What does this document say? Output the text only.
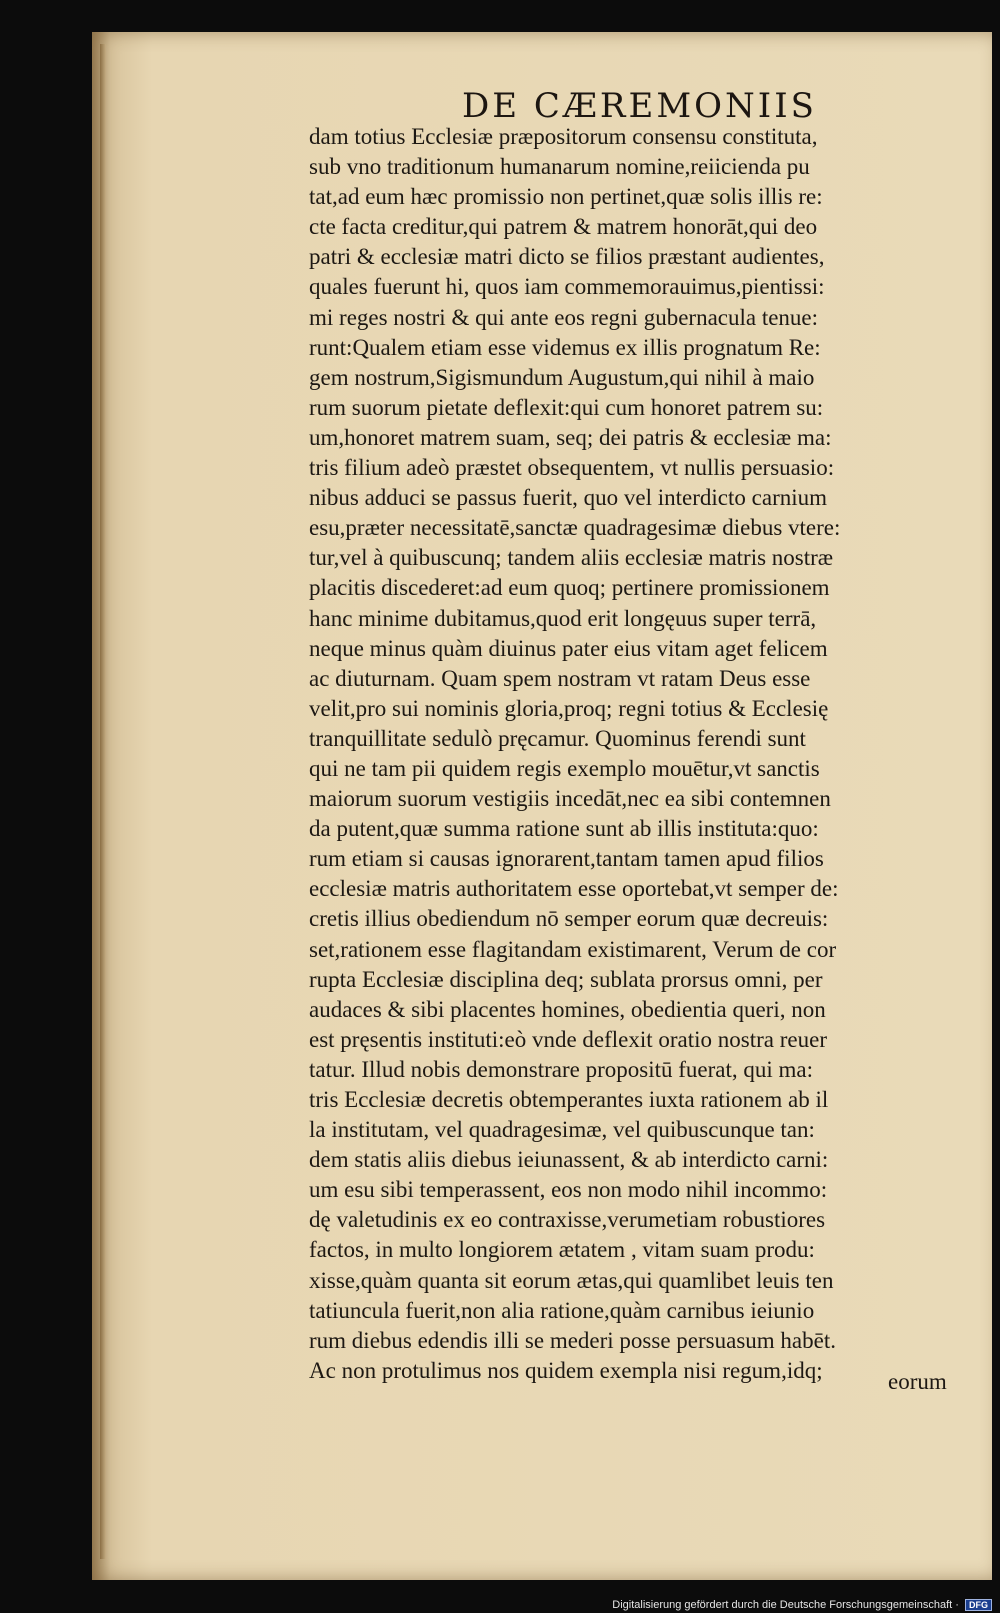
DE CÆREMONIIS
dam totius Ecclesiæ præpositorum consensu constituta,
sub vno traditionum humanarum nomine,reiicienda pu
tat,ad eum hæc promissio non pertinet,quæ solis illis re:
cte facta creditur,qui patrem & matrem honorāt,qui deo
patri & ecclesiæ matri dicto se filios præstant audientes,
quales fuerunt hi, quos iam commemorauimus,pientissi:
mi reges nostri & qui ante eos regni gubernacula tenue:
runt:Qualem etiam esse videmus ex illis prognatum Re:
gem nostrum,Sigismundum Augustum,qui nihil à maio
rum suorum pietate deflexit:qui cum honoret patrem su:
um,honoret matrem suam, seq; dei patris & ecclesiæ ma:
tris filium adeò præstet obsequentem, vt nullis persuasio:
nibus adduci se passus fuerit, quo vel interdicto carnium
esu,præter necessitatē,sanctæ quadragesimæ diebus vtere:
tur,vel à quibuscunq; tandem aliis ecclesiæ matris nostræ
placitis discederet:ad eum quoq; pertinere promissionem
hanc minime dubitamus,quod erit longęuus super terrā,
neque minus quàm diuinus pater eius vitam aget felicem
ac diuturnam. Quam spem nostram vt ratam Deus esse
velit,pro sui nominis gloria,proq; regni totius & Ecclesię
tranquillitate sedulò pręcamur. Quominus ferendi sunt
qui ne tam pii quidem regis exemplo mouētur,vt sanctis
maiorum suorum vestigiis incedāt,nec ea sibi contemnen
da putent,quæ summa ratione sunt ab illis instituta:quo:
rum etiam si causas ignorarent,tantam tamen apud filios
ecclesiæ matris authoritatem esse oportebat,vt semper de:
cretis illius obediendum nō semper eorum quæ decreuis:
set,rationem esse flagitandam existimarent, Verum de cor
rupta Ecclesiæ disciplina deq; sublata prorsus omni, per
audaces & sibi placentes homines, obedientia queri, non
est pręsentis instituti:eò vnde deflexit oratio nostra reuer
tatur. Illud nobis demonstrare propositū fuerat, qui ma:
tris Ecclesiæ decretis obtemperantes iuxta rationem ab il
la institutam, vel quadragesimæ, vel quibuscunque tan:
dem statis aliis diebus ieiunassent, & ab interdicto carni:
um esu sibi temperassent, eos non modo nihil incommo:
dę valetudinis ex eo contraxisse,verumetiam robustiores
factos, in multo longiorem ætatem , vitam suam produ:
xisse,quàm quanta sit eorum ætas,qui quamlibet leuis ten
tatiuncula fuerit,non alia ratione,quàm carnibus ieiunio
rum diebus edendis illi se mederi posse persuasum habēt.
Ac non protulimus nos quidem exempla nisi regum,idq;	eorum
Digitalisierung gefördert durch die Deutsche Forschungsgemeinschaft · DFG
